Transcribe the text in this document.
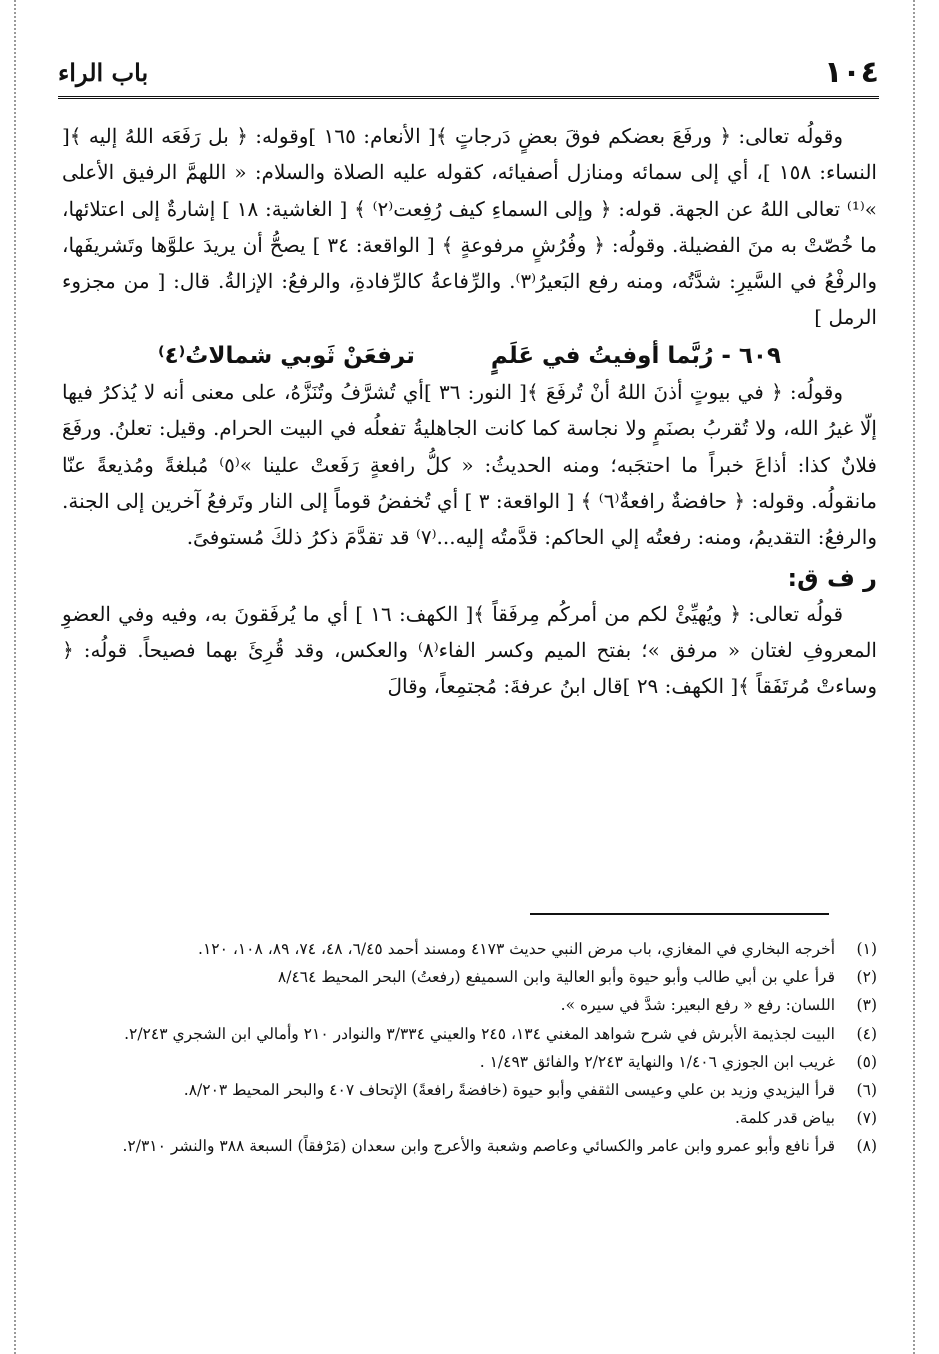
١٠٤
باب الراء

وقولُه تعالى: ﴿ ورفَعَ بعضكم فوقَ بعضٍ دَرجاتٍ ﴾[ الأنعام: ١٦٥ ]وقوله: ﴿ بل رَفَعَه اللهُ إليه ﴾[ النساء: ١٥٨ ]، أي إلى سمائه ومنازل أصفيائه، كقوله عليه الصلاة والسلام: « اللهمَّ الرفيق الأعلى »⁽¹⁾ تعالى اللهُ عن الجهة. قوله: ﴿ وإلى السماءِ كيف رُفِعت⁽٢⁾ ﴾ [ الغاشية: ١٨ ] إشارةٌ إلى اعتلائها، ما خُصّتْ به منَ الفضيلة. وقولُه: ﴿ وفُرُشٍ مرفوعةٍ ﴾ [ الواقعة: ٣٤ ] يصحُّ أن يريدَ علوَّها وتَشريفَها، والرفْعُ في السَّيرِ: شدَّتُه، ومنه رفع البَعيرُ⁽٣⁾. والرِّفاعةُ كالرِّفادةِ، والرفعُ: الإزالةُ. قال: [ من مجزوء الرمل ]

٦٠٩ - رُبَّما أوفيتُ في عَلَمٍ  ترفعَنْ ثَوبي شمالاتُ⁽٤⁾

وقولُه: ﴿ في بيوتٍ أذنَ اللهُ أنْ تُرفَعَ ﴾[ النور: ٣٦ ]أي تُشرَّفُ وتُنَزَّهُ، على معنى أنه لا يُذكرُ فيها إلّا غيرُ الله، ولا تُقربُ بصنَمٍ ولا نجاسة كما كانت الجاهليةُ تفعلُه في البيت الحرام. وقيل: تعلنُ. ورفَعَ فلانٌ كذا: أذاعَ خبراً ما احتجَبه؛ ومنه الحديثُ: « كلُّ رافعةٍ رَفَعتْ علينا »⁽٥⁾ مُبلغةً ومُذيعةً عنّا مانقولُه. وقوله: ﴿ حافضةٌ رافعةٌ⁽٦⁾ ﴾ [ الواقعة: ٣ ] أي تُخفضُ قوماً إلى النار وتَرفعُ آخرين إلى الجنة. والرفعُ: التقديمُ، ومنه: رفعتُه إلي الحاكم: قدَّمتُه إليه...⁽٧⁾ قد تقدَّمَ ذكرُ ذلكَ مُستوفىً.

ر ف ق:

قولُه تعالى: ﴿ ويُهيِّئْ لكم من أمركُم مِرفَقاً ﴾[ الكهف: ١٦ ] أي ما يُرفَقونَ به، وفيه وفي العضوِ المعروفِ لغتان « مرفق »؛ بفتح الميم وكسر الفاء⁽٨⁾ والعكس، وقد قُرِئَ بهما فصيحاً. قولُه: ﴿ وساءتْ مُرتَفَقاً ﴾[ الكهف: ٢٩ ]قال ابنُ عرفةَ: مُجتمِعاً، وقالَ

(١)
أخرجه البخاري في المغازي، باب مرض النبي حديث ٤١٧٣ ومسند أحمد ٦/٤٥، ٤٨، ٧٤، ٨٩، ١٠٨، ١٢٠.
(٢)
قرأ علي بن أبي طالب وأبو حيوة وأبو العالية وابن السميفع (رفعتُ) البحر المحيط ٨/٤٦٤
(٣)
اللسان: رفع « رفع البعير: شدَّ في سيره ».
(٤)
البيت لجذيمة الأبرش في شرح شواهد المغني ١٣٤، ٢٤٥ والعيني ٣/٣٣٤ والنوادر ٢١٠ وأمالي ابن الشجري ٢/٢٤٣.
(٥)
غريب ابن الجوزي ١/٤٠٦ والنهاية ٢/٢٤٣ والفائق ١/٤٩٣ .
(٦)
قرأ اليزيدي وزيد بن علي وعيسى الثقفي وأبو حيوة (خافضةً رافعةً) الإتحاف ٤٠٧ والبحر المحيط ٨/٢٠٣.
(٧)
بياض قدر كلمة.
(٨)
قرأ نافع وأبو عمرو وابن عامر والكسائي وعاصم وشعبة والأعرج وابن سعدان (مَرْفقاً) السبعة ٣٨٨ والنشر ٢/٣١٠.
